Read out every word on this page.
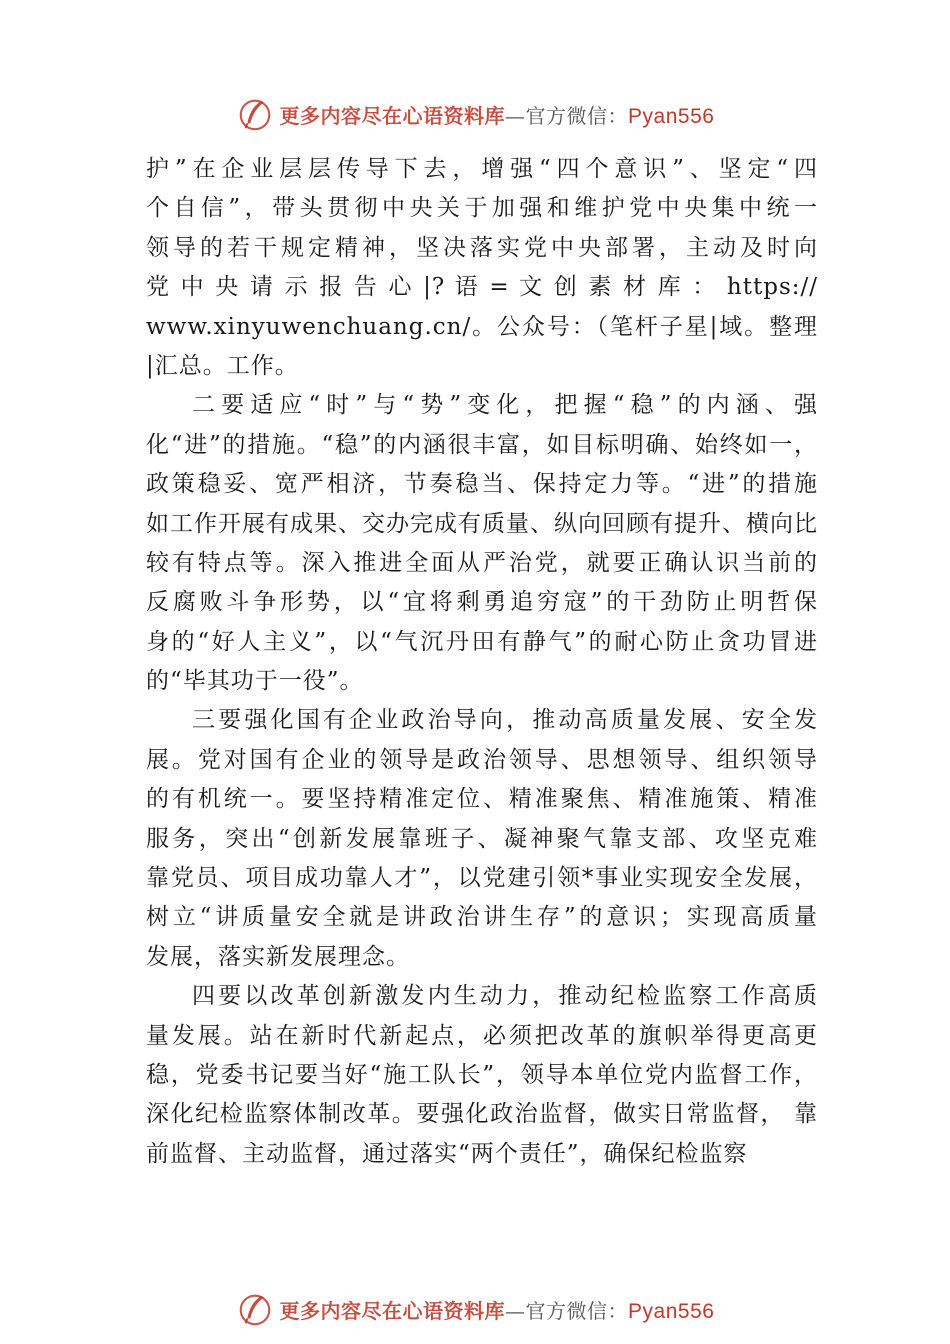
更多内容尽在心语资料库—官方微信：Pyan556
护”在企业层层传导下去，增强“四个意识”、坚定“四
个自信”，带头贯彻中央关于加强和维护党中央集中统一
领导的若干规定精神，坚决落实党中央部署，主动及时向
党 中 央 请 示 报 告 心 |? 语 = 文 创 素 材 库 ： https://
www.xinyuwenchuang.cn/。公众号：（笔杆子星|域。整理
|汇总。工作。
二要适应“时”与“势”变化，把握“稳”的内涵、强
化“进”的措施。“稳”的内涵很丰富，如目标明确、始终如一，
政策稳妥、宽严相济，节奏稳当、保持定力等。“进”的措施
如工作开展有成果、交办完成有质量、纵向回顾有提升、横向比
较有特点等。深入推进全面从严治党，就要正确认识当前的
反腐败斗争形势，以“宜将剩勇追穷寇”的干劲防止明哲保
身的“好人主义”，以“气沉丹田有静气”的耐心防止贪功冒进
的“毕其功于一役”。
三要强化国有企业政治导向，推动高质量发展、安全发
展。党对国有企业的领导是政治领导、思想领导、组织领导
的有机统一。要坚持精准定位、精准聚焦、精准施策、精准
服务，突出“创新发展靠班子、凝神聚气靠支部、攻坚克难
靠党员、项目成功靠人才”，以党建引领*事业实现安全发展，
树立“讲质量安全就是讲政治讲生存”的意识；实现高质量
发展，落实新发展理念。
四要以改革创新激发内生动力，推动纪检监察工作高质
量发展。站在新时代新起点，必须把改革的旗帜举得更高更
稳，党委书记要当好“施工队长”，领导本单位党内监督工作，
深化纪检监察体制改革。要强化政治监督，做实日常监督， 靠
前监督、主动监督，通过落实“两个责任”，确保纪检监察
更多内容尽在心语资料库—官方微信：Pyan556
